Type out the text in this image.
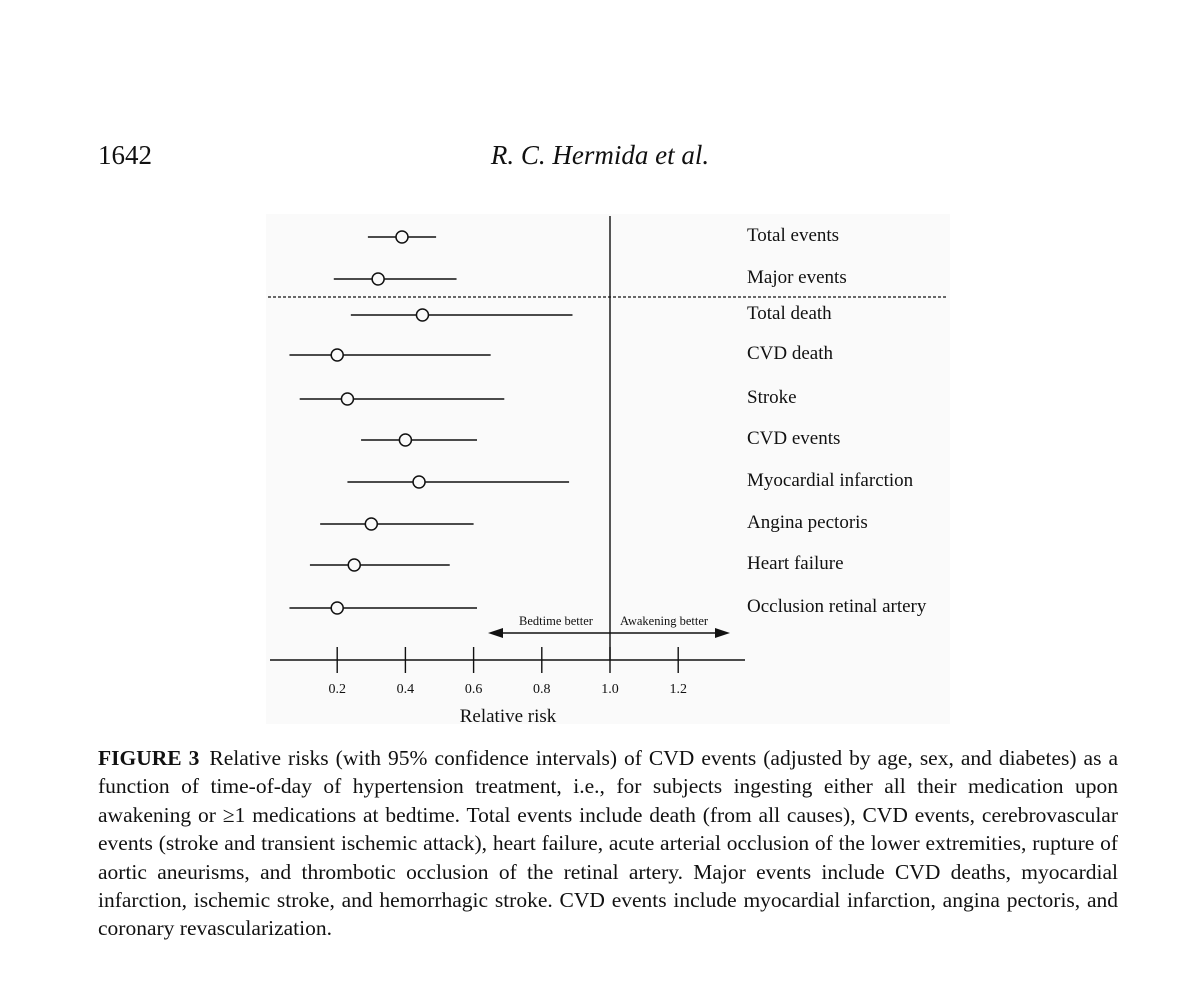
1642	R. C. Hermida et al.
Total events
Major events
Total death
CVD death
Stroke
CVD events
Myocardial infarction
Angina pectoris
Heart failure
Occlusion retinal artery
0.2	0.4	0.6	0.8	1.0	1.2
Relative risk
Bedtime better Awakening better
FIGURE 3 Relative risks (with 95% confidence intervals) of CVD events (adjusted by age, sex, and diabetes) as a function of time-of-day of hypertension treatment, i.e., for subjects ingesting either all their medication upon awakening or ≥1 medications at bedtime. Total events include death (from all causes), CVD events, cerebrovascular events (stroke and transient ischemic attack), heart failure, acute arterial occlusion of the lower extremities, rupture of aortic aneurisms, and thrombotic occlusion of the retinal artery. Major events include CVD deaths, myocardial infarction, ischemic stroke, and hemorrhagic stroke. CVD events include myocardial infarction, angina pectoris, and coronary revascularization.
